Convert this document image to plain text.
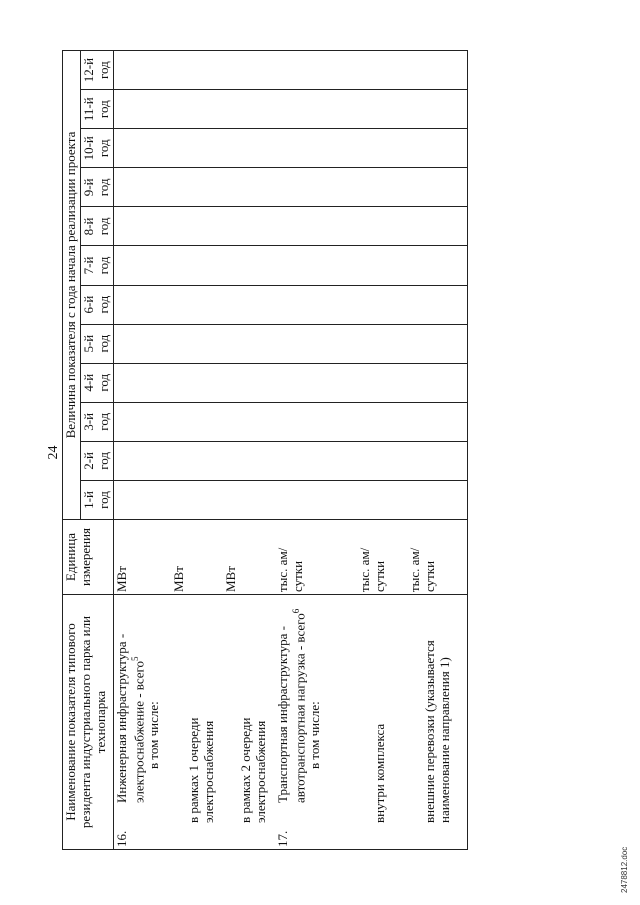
24
Наименование показателя типового резидента индустриального парка или технопарка	Единица измерения	Величина показателя с года начала реализации проекта											

		1-й год	2-й год	3-й год	4-й год	5-й год	6-й год	7-й год	8-й год	9-й год	10-й год	11-й год	12-й год

16.Инженерная инфраструктура - электроснабжение - всего$^5$
в том числе:	МВт												
в рамках 1 очереди электроснабжения	МВт												
в рамках 2 очереди электроснабжения	МВт												
17.Транспортная инфраструктура - автотранспортная нагрузка - всего$^6$
в том числе:	тыс. ам/ сутки												
внутри комплекса	тыс. ам/ сутки												
внешние перевозки (указывается наименование направления 1)	тыс. ам/ сутки												
2478812.doc
